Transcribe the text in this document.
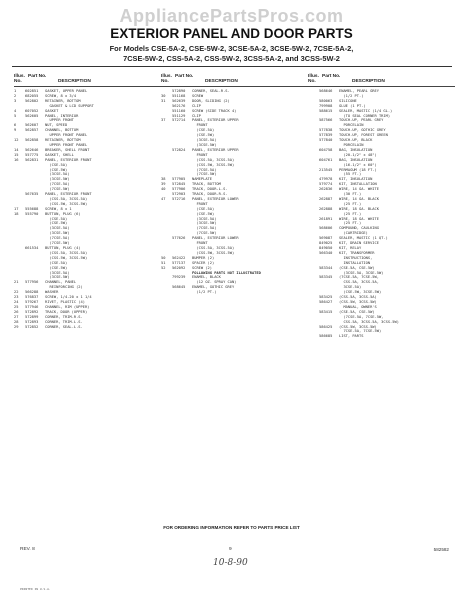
AppliancePartsPros.com
EXTERIOR PANEL AND DOOR PARTS
For Models CSE-5A-2, CSE-5W-2, 3CSE-5A-2, 3CSE-5W-2, 7CSE-5A-2,
7CSE-5W-2, CSS-5A-2, CSS-5W-2, 3CSS-5A-2, and 3CSS-5W-2
Illus. No.
Part No.
DESCRIPTION
1	602851	GASKET, UPPER PANEL
2	682055	SCREW, 8 x 3/4
3	562802	RETAINER, BOTTOM
GASKET & LCD SUPPORT
4	607052	GASKET
5	562605	PANEL, INTERIOR
UPPER FRONT
6	562607	NUT, SPEED
9	562857	CHANNEL, BOTTOM
UPPER FRONT PANEL
12	562858	RETAINER, BOTTOM
UPPER FRONT PANEL
14	562646	BREAKER, SHELL FRONT
15	557775	GASKET, SHELL
16	562831	PANEL, EXTERIOR FRONT
(CSE-5A)
(CSE-5W)
(3CSE-5A)
(3CSE-5W)
(7CSE-5A)
(7CSE-5W)
567635	PANEL, EXTERIOR FRONT
(CSS-5A, 3CSS-5A)
(CSS-5W, 3CSS-5W)
17	555688	SCREW, 8 x 1
18	555790	BUTTON, PLUG (6)
(CSE-5A)
(CSE-5W)
(3CSE-5A)
(3CSE-5W)
(7CSE-5A)
(7CSE-5W)
661534	BUTTON, PLUG (4)
(CSS-5A, 3CSS-5A)
(CSS-5W, 3CSS-5W)
(CSE-5A)
(CSE-5W)
(3CSE-5A)
(3CSE-5W)
21	577956	CHANNEL, PANEL
REINFORCING (2)
22	566288	WASHER
23	576837	SCREW, 1/4-20 x 1 1/4
24	579267	RIVET, PLASTIC (4)
25	577946	CHANNEL, RIM (UPPER)
26	572892	TRACK, DOOR (UPPER)
27	572899	CORNER, TRIM-R.S.
28	572893	CORNER, TRIM-L.S.
29	572852	CORNER, SEAL-L.S.
Illus. No.
Part No.
DESCRIPTION
572890	CORNER, SEAL-R.S.
30	551168	SCREW
31	562639	DOOR, SLIDING (2)
562176	CLIP
551160	SCREW (SIDE TRACK 4)
551129	CLIP
37	572714	PANEL, EXTERIOR UPPER
FRONT
(CSE-5A)
(CSE-5W)
(3CSE-5A)
(3CSE-5W)
572824	PANEL, EXTERIOR UPPER
FRONT
(CSS-5A, 3CSS-5A)
(CSS-5W, 3CSS-5W)
(7CSE-5A)
(7CSE-5W)
38	577905	NAMEPLATE
39	572845	TRACK, BOTTOM
40	577906	TRACK, DOOR-L.S.
572903	TRACK, DOOR-R.S.
47	572716	PANEL, EXTERIOR LOWER
FRONT
(CSE-5A)
(CSE-5W)
(3CSE-5A)
(3CSE-5W)
(7CSE-5A)
(7CSE-5W)
577626	PANEL, EXTERIOR LOWER
FRONT
(CSS-5A, 3CSS-5A)
(CSS-5W, 3CSS-5W)
50	562422	BUMPER (2)
51	577137	SPACER (2)
52	562092	SCREW (2)
FOLLOWING PARTS NOT ILLUSTRATED
799239	ENAMEL, BLACK
(12 OZ. SPRAY CAN)
568645	ENAMEL, GOTHIC GREY
(1/2 PT.)
Illus. No.
Part No.
DESCRIPTION
568646	ENAMEL, PEARL GREY
(1/2 PT.)
580063	SILICONE
799908	GLUE (1 PT.)
588615	SEALER, MASTIC (1/4 GL.)
(TO SEAL CORNER TRIM)
587566	TOUCH-UP, PEARL GREY
PORCELAIN
577838	TOUCH-UP, GOTHIC GREY
577839	TOUCH-UP, FOREST GREEN
577840	TOUCH-UP, BLACK
PORCELAIN
604758	BAG, INSULATION
(20-1/2" x 48")
604761	BAG, INSULATION
(16-1/2" x 60")
213545	PERMAGUM (18 FT.)
(55 FT.)
479978	KIT, INSULATION
579774	KIT, INSTALLATION
262836	WIRE, 14 GA. WHITE
(30 FT.)
262887	WIRE, 14 GA. BLACK
(25 FT.)
262888	WIRE, 18 GA. BLACK
(25 FT.)
261891	WIRE, 18 GA. WHITE
(25 FT.)
568606	COMPOUND, CAULKING
(CARTRIDGE)
569087	SEALER, MASTIC (1 QT.)
849025	KIT, DRAIN SERVICE
849050	KIT, RELAY
566340	KIT, TRANSFORMER
INSTRUCTIONS,
INSTALLATION
583344	(CSE-5A, CSE-5W)
(3CSE-5A, 3CSE-5W)
583345	(7CSE-5A, 7CSE-5W,
CSS-5A, 3CSS-5A,
3CSE-5A)
(CSE-5W, 3CSE-5W)
583425	(CSS-5A, 3CSS-5A)
586427	(CSS-5W, 3CSS-5W)
MANUAL, OWNER'S
583415	(CSE-5A, CSE-5W)
(7CSE-5A, 7CSE-5W,
CSS-5A, 3CSS-5A, 3CSS-5W)
586425	(CSS-5W, 3CSS-5W)
7CSE-5A, 7CSE-5W)
586685	LIST, PARTS
FOR ORDERING INFORMATION REFER TO PARTS PRICE LIST
REV. 8	9	582582
10-8-90
PRINTED IN U.S.A.
